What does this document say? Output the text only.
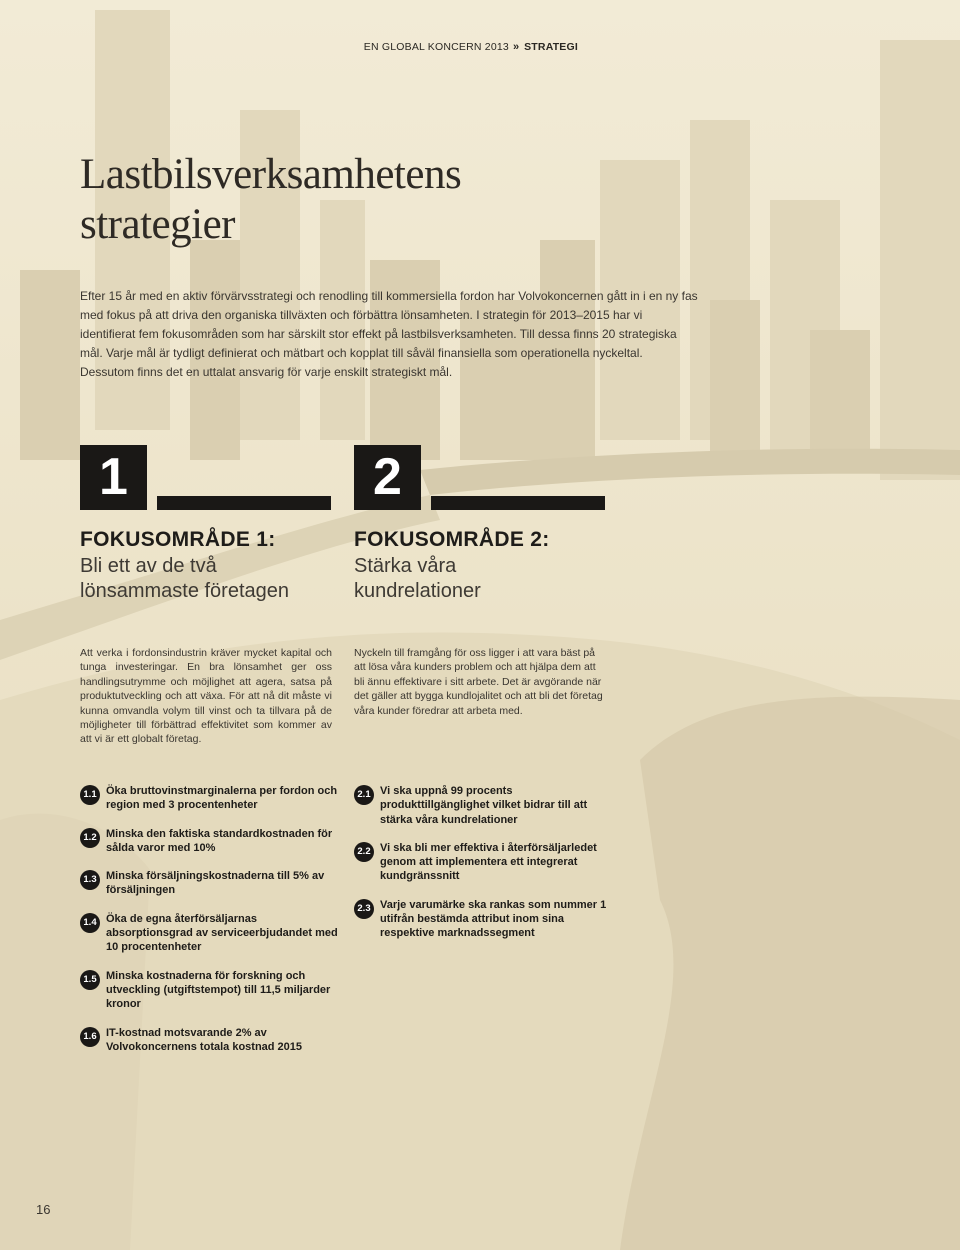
EN GLOBAL KONCERN 2013 » STRATEGI
Lastbilsverksamhetens
strategier

Efter 15 år med en aktiv förvärvsstrategi och renodling till kommersiella fordon har Volvokoncernen gått in i en ny fas med fokus på att driva den organiska tillväxten och förbättra lönsamheten. I strategin för 2013–2015 har vi identifierat fem fokusområden som har särskilt stor effekt på lastbilsverksamheten. Till dessa finns 20 strategiska mål. Varje mål är tydligt definierat och mätbart och kopplat till såväl finansiella som operationella nyckeltal. Dessutom finns det en uttalat ansvarig för varje enskilt strategiskt mål.

1
FOKUSOMRÅDE 1:
Bli ett av de två
lönsammaste företagen

Att verka i fordonsindustrin kräver mycket kapital och tunga investeringar. En bra lönsamhet ger oss handlingsutrymme och möjlighet att agera, satsa på produktutveckling och att växa. För att nå dit måste vi kunna omvandla volym till vinst och ta tillvara på de möjligheter till förbättrad effektivitet som kommer av att vi är ett globalt företag.

2
FOKUSOMRÅDE 2:
Stärka våra
kundrelationer

Nyckeln till framgång för oss ligger i att vara bäst på att lösa våra kunders problem och att hjälpa dem att bli ännu effektivare i sitt arbete. Det är avgörande när det gäller att bygga kundlojalitet och att bli det företag våra kunder föredrar att arbeta med.

1.1 Öka bruttovinstmarginalerna per fordon och region med 3 procentenheter
1.2 Minska den faktiska standardkostnaden för sålda varor med 10%
1.3 Minska försäljningskostnaderna till 5% av försäljningen
1.4 Öka de egna återförsäljarnas absorptionsgrad av serviceerbjudandet med 10 procentenheter
1.5 Minska kostnaderna för forskning och utveckling (utgiftstempot) till 11,5 miljarder kronor
1.6 IT-kostnad motsvarande 2% av Volvokoncernens totala kostnad 2015
2.1 Vi ska uppnå 99 procents produkttillgänglighet vilket bidrar till att stärka våra kundrelationer
2.2 Vi ska bli mer effektiva i återförsäljarledet genom att implementera ett integrerat kundgränssnitt
2.3 Varje varumärke ska rankas som nummer 1 utifrån bestämda attribut inom sina respektive marknadssegment
16
